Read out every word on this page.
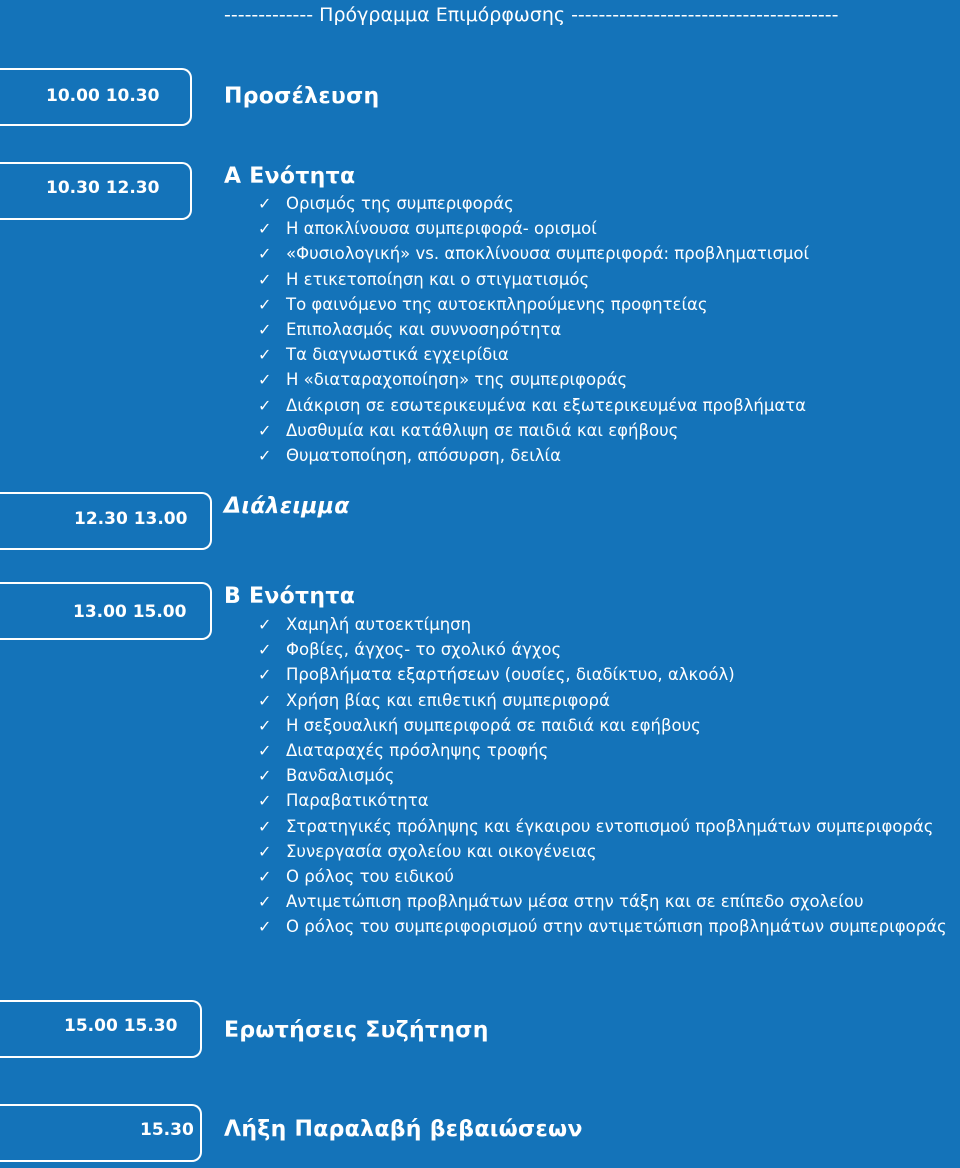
------------- Πρόγραμμα Επιμόρφωσης ---------------------------------------
10.00 10.30	Προσέλευση
10.30 12.30	Α Ενότητα
✓ Ορισμός της συμπεριφοράς
✓ Η αποκλίνουσα συμπεριφορά- ορισμοί
✓ «Φυσιολογική» vs. αποκλίνουσα συμπεριφορά: προβληματισμοί
✓ Η ετικετοποίηση και ο στιγματισμός
✓ Το φαινόμενο της αυτοεκπληρούμενης προφητείας
✓ Επιπολασμός και συννοσηρότητα
✓ Τα διαγνωστικά εγχειρίδια
✓ Η «διαταραχοποίηση» της συμπεριφοράς
✓ Διάκριση σε εσωτερικευμένα και εξωτερικευμένα προβλήματα
✓ Δυσθυμία και κατάθλιψη σε παιδιά και εφήβους
✓ Θυματοποίηση, απόσυρση, δειλία
12.30 13.00 Διάλειμμα
13.00 15.00
Β Ενότητα
✓ Χαμηλή αυτοεκτίμηση
✓ Φοβίες, άγχος- το σχολικό άγχος
✓ Προβλήματα εξαρτήσεων (ουσίες, διαδίκτυο, αλκοόλ)
✓ Χρήση βίας και επιθετική συμπεριφορά
✓ Η σεξουαλική συμπεριφορά σε παιδιά και εφήβους
✓ Διαταραχές πρόσληψης τροφής
✓ Βανδαλισμός
✓ Παραβατικότητα
✓ Στρατηγικές πρόληψης και έγκαιρου εντοπισμού προβλημάτων συμπεριφοράς
✓ Συνεργασία σχολείου και οικογένειας
✓ Ο ρόλος του ειδικού
✓ Αντιμετώπιση προβλημάτων μέσα στην τάξη και σε επίπεδο σχολείου
✓ Ο ρόλος του συμπεριφορισμού στην αντιμετώπιση προβλημάτων συμπεριφοράς
15.00 15.30 Ερωτήσεις Συζήτηση
15.30 Λήξη Παραλαβή βεβαιώσεων
